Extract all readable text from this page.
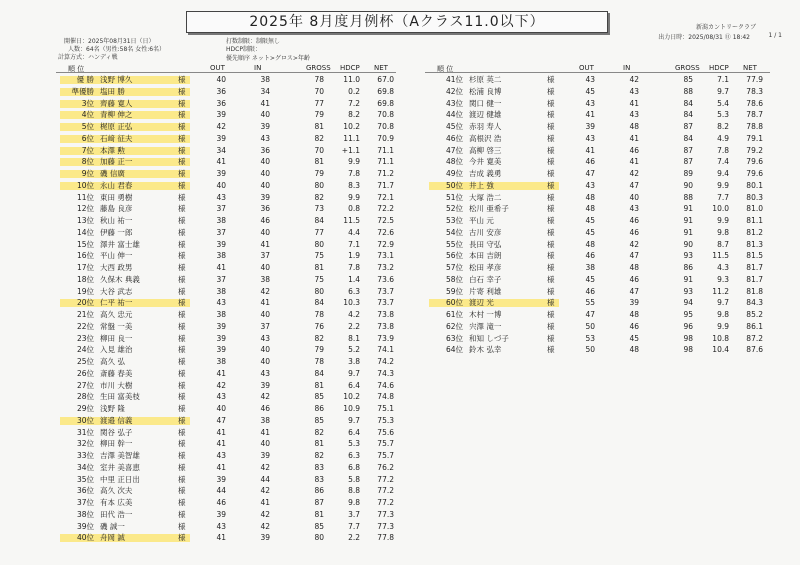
2025年 8月度月例杯（Aクラス11.0以下）	新潟カントリークラブ
出力日時：2025/08/31 ⑪ 18:42	1 / 1
開催日：2025年08月31日（日）
人数：64名（男性:58名 女性:6名）
計算方式：ハンディ戦
打数制限：制限無し
HDCP制限：
優先順序 ネット>グロス>年齢
順 位	OUT	IN	GROSS HDCP NET	順 位	OUT	IN	GROSS HDCP NET
優 勝 浅野 博久	様	40	38	78	11.0	67.0
準優勝 塩田 勝	様	36	34	70	0.2	69.8
3位 齊藤 寛人	様	36	41	77	7.2	69.8
4位 青柳 伸之	様	39	40	79	8.2	70.8
5位 梶原 正弘	様	42	39	81	10.2	70.8
6位 石﨑 征夫	様	39	43	82	11.1	70.9
7位 本澤 勲	様	34	36	70	+1.1	71.1
8位 加藤 正一	様	41	40	81	9.9	71.1
9位 磯 信廣	様	39	40	79	7.8	71.2
10位 永山 君春	様	40	40	80	8.3	71.7
11位 東田 勇樹	様	43	39	82	9.9	72.1
12位 藤島 良彦	様	37	36	73	0.8	72.2
13位 秋山 祐一	様	38	46	84	11.5	72.5
14位 伊藤 一郎	様	37	40	77	4.4	72.6
15位 澤井 富士雄	様	39	41	80	7.1	72.9
16位 平山 伸一	様	38	37	75	1.9	73.1
17位 大西 政男	様	41	40	81	7.8	73.2
18位 久保木 典義	様	37	38	75	1.4	73.6
19位 大谷 武志	様	38	42	80	6.3	73.7
20位 仁平 祐一	様	43	41	84	10.3	73.7
21位 高久 忠元	様	38	40	78	4.2	73.8
22位 常盤 一美	様	39	37	76	2.2	73.8
23位 柳田 良一	様	39	43	82	8.1	73.9
24位 入見 雄治	様	39	40	79	5.2	74.1
25位 高久 弘	様	38	40	78	3.8	74.2
26位 斎藤 春美	様	41	43	84	9.7	74.3
27位 市川 大樹	様	42	39	81	6.4	74.6
28位 生田 富美枝	様	43	42	85	10.2	74.8
29位 浅野 隆	様	40	46	86	10.9	75.1
30位 渡邉 信義	様	47	38	85	9.7	75.3
31位 関谷 弘子	様	41	41	82	6.4	75.6
32位 柳田 幹一	様	41	40	81	5.3	75.7
33位 吉澤 美智雄	様	43	39	82	6.3	75.7
34位 室井 美喜恵	様	41	42	83	6.8	76.2
35位 中里 正日出	様	39	44	83	5.8	77.2
36位 高久 次夫	様	44	42	86	8.8	77.2
37位 有本 広美	様	46	41	87	9.8	77.2
38位 田代 浩一	様	39	42	81	3.7	77.3
39位 磯 誠一	様	43	42	85	7.7	77.3
40位 舟岡 誠	様	41	39	80	2.2	77.8
41位 杉原 英二	様	43	42	85	7.1	77.9
42位 松浦 良博	様	45	43	88	9.7	78.3
43位 関口 健一	様	43	41	84	5.4	78.6
44位 渡辺 健雄	様	41	43	84	5.3	78.7
45位 赤羽 寿人	様	39	48	87	8.2	78.8
46位 高根沢 浩	様	43	41	84	4.9	79.1
47位 高柳 啓三	様	41	46	87	7.8	79.2
48位 今井 寛美	様	46	41	87	7.4	79.6
49位 吉成 義勇	様	47	42	89	9.4	79.6
50位 井上 強	様	43	47	90	9.9	80.1
51位 大塚 浩二	様	48	40	88	7.7	80.3
52位 松川 亜希子	様	48	43	91	10.0	81.0
53位 平山 元	様	45	46	91	9.9	81.1
54位 古川 安彦	様	45	46	91	9.8	81.2
55位 長田 守弘	様	48	42	90	8.7	81.3
56位 本田 吉朗	様	46	47	93	11.5	81.5
57位 松田 孝彦	様	38	48	86	4.3	81.7
58位 白石 幸子	様	45	46	91	9.3	81.7
59位 片寄 利雄	様	46	47	93	11.2	81.8
60位 渡辺 光	様	55	39	94	9.7	84.3
61位 木村 一博	様	47	48	95	9.8	85.2
62位 宍澤 滝一	様	50	46	96	9.9	86.1
63位 和知 しづ子	様	53	45	98	10.8	87.2
64位 鈴木 弘幸	様	50	48	98	10.4	87.6
